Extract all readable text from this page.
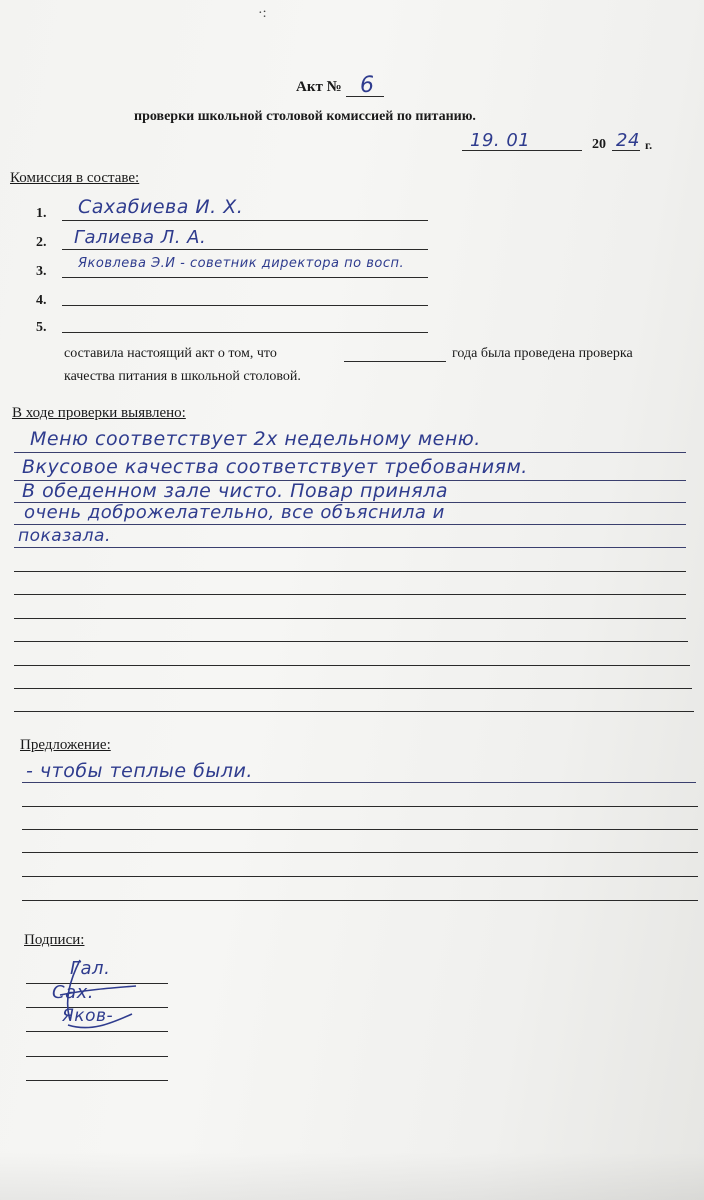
·:
Акт № 6
проверки школьной столовой комиссией по питанию.
19. 01	20 24 г.
Комиссия в составе:
1. Сахабиева И. Х.
2. Галиева Л. А.
3.
Яковлева Э.И - советник директора по восп.
4.
5.
составила настоящий акт о том, что	года была проведена проверка
качества питания в школьной столовой.
В ходе проверки выявлено:
Меню соответствует 2х недельному меню.
Вкусовое качества соответствует требованиям.
В обеденном зале чисто. Повар приняла
очень доброжелательно, все объяснила и
показала.
Предложение:
- чтобы теплые были.
Подписи:
Гал.
Сах.
Яков-
